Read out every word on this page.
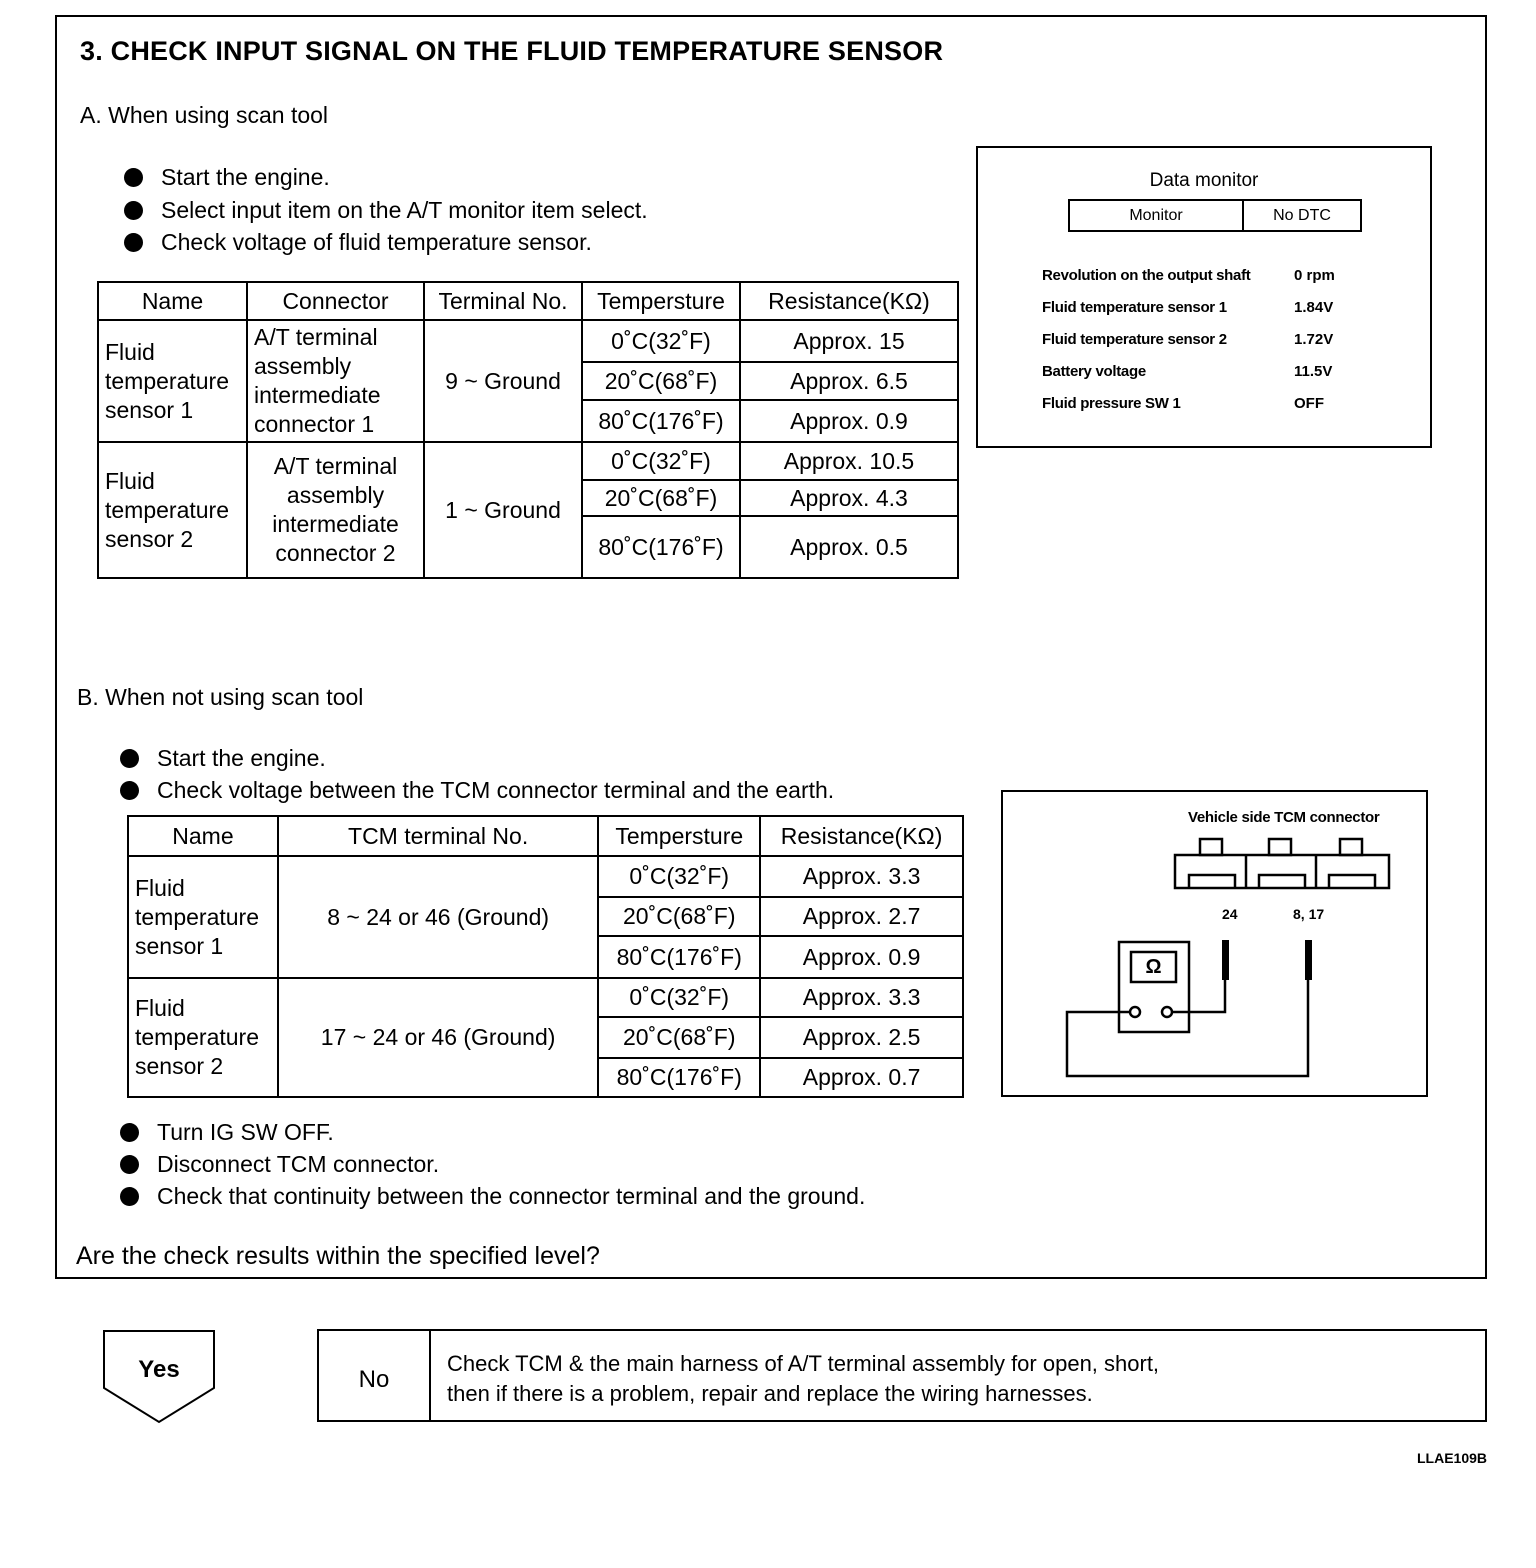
3. CHECK INPUT SIGNAL ON THE FLUID TEMPERATURE SENSOR
A. When using scan tool
Start the engine.
Select input item on the A/T monitor item select.
Check voltage of fluid temperature sensor.
Name	Connector	Terminal No.	Tempersture	Resistance(KΩ)
Fluid temperature sensor 1	A/T terminal assembly intermediate connector 1	9 ~ Ground	0˚C(32˚F)	Approx. 15
			20˚C(68˚F)	Approx. 6.5
			80˚C(176˚F)	Approx. 0.9
Fluid temperature sensor 2	A/T terminal assembly intermediate connector 2	1 ~ Ground	0˚C(32˚F)	Approx. 10.5
			20˚C(68˚F)	Approx. 4.3
			80˚C(176˚F)	Approx. 0.5
Data monitor
Monitor	No DTC
Revolution on the output shaft	0 rpm
Fluid temperature sensor 1	1.84V
Fluid temperature sensor 2	1.72V
Battery voltage	11.5V
Fluid pressure SW 1	OFF
B. When not using scan tool
Start the engine.
Check voltage between the TCM connector terminal and the earth.
Name	TCM terminal No.	Tempersture	Resistance(KΩ)
Fluid temperature sensor 1	8 ~ 24 or 46 (Ground)	0˚C(32˚F)	Approx. 3.3
		20˚C(68˚F)	Approx. 2.7
		80˚C(176˚F)	Approx. 0.9
Fluid temperature sensor 2	17 ~ 24 or 46 (Ground)	0˚C(32˚F)	Approx. 3.3
		20˚C(68˚F)	Approx. 2.5
		80˚C(176˚F)	Approx. 0.7
Vehicle side TCM connector
24	8, 17
Ω
Turn IG SW OFF.
Disconnect TCM connector.
Check that continuity between the connector terminal and the ground.
Are the check results within the specified level?
Yes	No
Check TCM & the main harness of A/T terminal assembly for open, short,
then if there is a problem, repair and replace the wiring harnesses.
LLAE109B
